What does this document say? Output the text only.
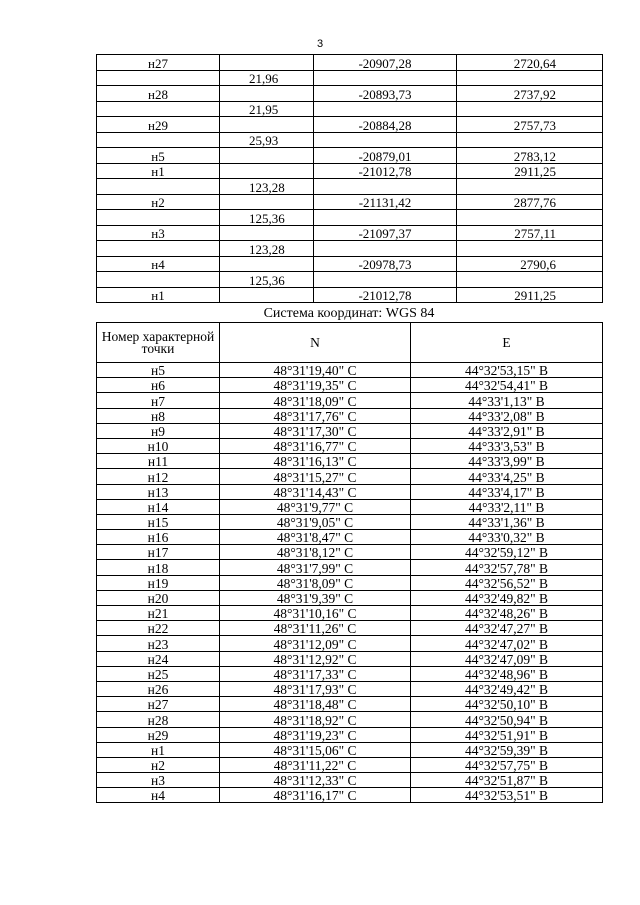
3
н27		-20907,28	2720,64
	21,96		
н28		-20893,73	2737,92
	21,95		
н29		-20884,28	2757,73
	25,93		
н5		-20879,01	2783,12
н1		-21012,78	2911,25
	123,28		
н2		-21131,42	2877,76
	125,36		
н3		-21097,37	2757,11
	123,28		
н4		-20978,73	2790,6
	125,36		
н1		-21012,78	2911,25
Система координат: WGS 84
Номер характерной точки	N	E
н5	48°31'19,40" С	44°32'53,15" В
н6	48°31'19,35" С	44°32'54,41" В
н7	48°31'18,09" С	44°33'1,13" В
н8	48°31'17,76" С	44°33'2,08" В
н9	48°31'17,30" С	44°33'2,91" В
н10	48°31'16,77" С	44°33'3,53" В
н11	48°31'16,13" С	44°33'3,99" В
н12	48°31'15,27" С	44°33'4,25" В
н13	48°31'14,43" С	44°33'4,17" В
н14	48°31'9,77" С	44°33'2,11" В
н15	48°31'9,05" С	44°33'1,36" В
н16	48°31'8,47" С	44°33'0,32" В
н17	48°31'8,12" С	44°32'59,12" В
н18	48°31'7,99" С	44°32'57,78" В
н19	48°31'8,09" С	44°32'56,52" В
н20	48°31'9,39" С	44°32'49,82" В
н21	48°31'10,16" С	44°32'48,26" В
н22	48°31'11,26" С	44°32'47,27" В
н23	48°31'12,09" С	44°32'47,02" В
н24	48°31'12,92" С	44°32'47,09" В
н25	48°31'17,33" С	44°32'48,96" В
н26	48°31'17,93" С	44°32'49,42" В
н27	48°31'18,48" С	44°32'50,10" В
н28	48°31'18,92" С	44°32'50,94" В
н29	48°31'19,23" С	44°32'51,91" В
н1	48°31'15,06" С	44°32'59,39" В
н2	48°31'11,22" С	44°32'57,75" В
н3	48°31'12,33" С	44°32'51,87" В
н4	48°31'16,17" С	44°32'53,51" В
